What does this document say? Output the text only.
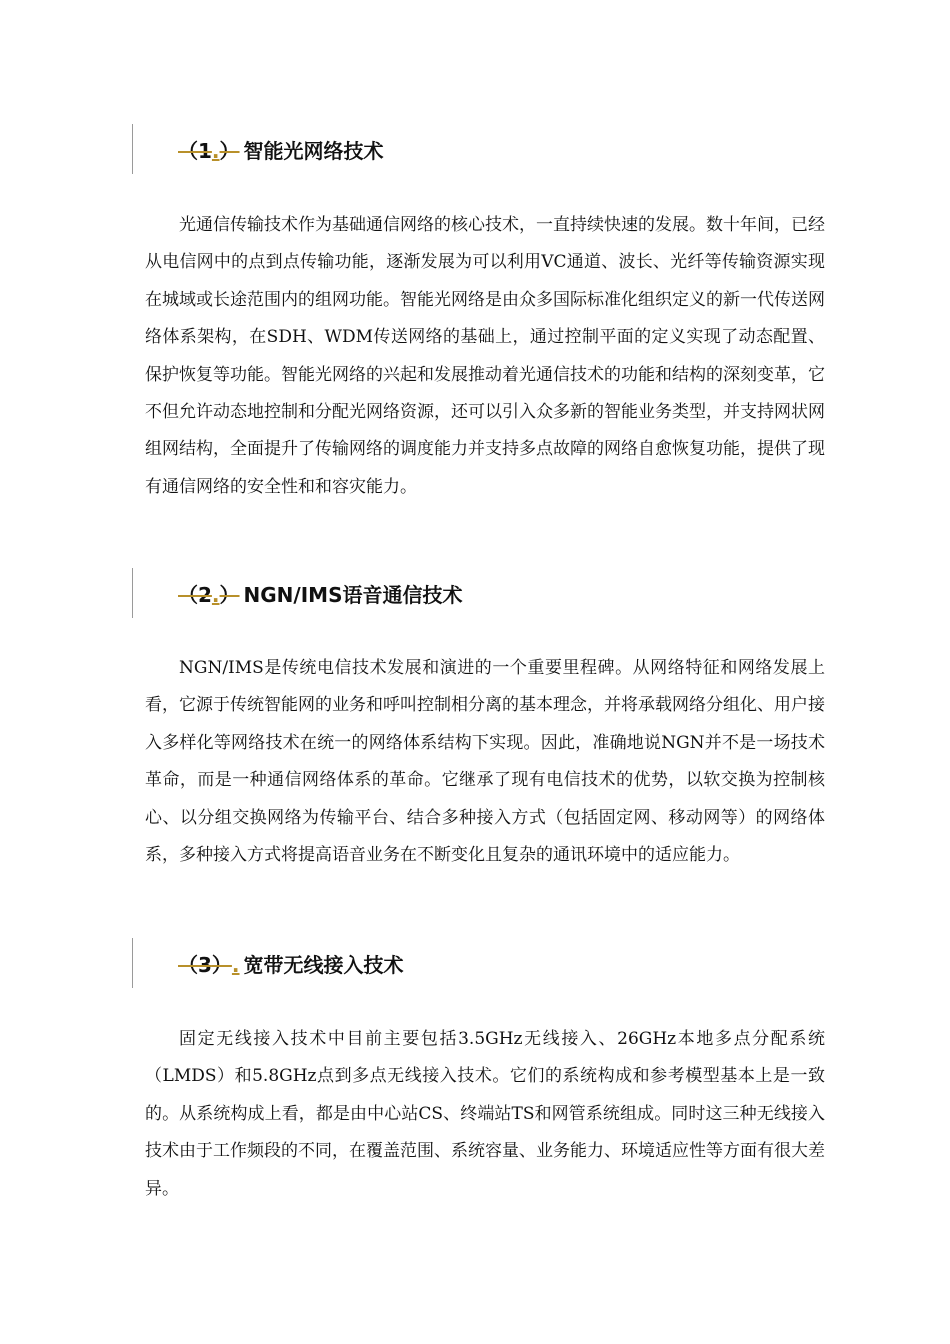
（1.） 智能光网络技术

光通信传输技术作为基础通信网络的核心技术，一直持续快速的发展。数十年间，已经从电信网中的点到点传输功能，逐渐发展为可以利用VC通道、波长、光纤等传输资源实现在城域或长途范围内的组网功能。智能光网络是由众多国际标准化组织定义的新一代传送网络体系架构，在SDH、WDM传送网络的基础上，通过控制平面的定义实现了动态配置、保护恢复等功能。智能光网络的兴起和发展推动着光通信技术的功能和结构的深刻变革，它不但允许动态地控制和分配光网络资源，还可以引入众多新的智能业务类型，并支持网状网组网结构，全面提升了传输网络的调度能力并支持多点故障的网络自愈恢复功能，提供了现有通信网络的安全性和和容灾能力。

（2.） NGN/IMS语音通信技术

NGN/IMS是传统电信技术发展和演进的一个重要里程碑。从网络特征和网络发展上看，它源于传统智能网的业务和呼叫控制相分离的基本理念，并将承载网络分组化、用户接入多样化等网络技术在统一的网络体系结构下实现。因此，准确地说NGN并不是一场技术革命，而是一种通信网络体系的革命。它继承了现有电信技术的优势，以软交换为控制核心、以分组交换网络为传输平台、结合多种接入方式（包括固定网、移动网等）的网络体系，多种接入方式将提高语音业务在不断变化且复杂的通讯环境中的适应能力。

（3）. 宽带无线接入技术

固定无线接入技术中目前主要包括3.5GHz无线接入、26GHz本地多点分配系统（LMDS）和5.8GHz点到多点无线接入技术。它们的系统构成和参考模型基本上是一致的。从系统构成上看，都是由中心站CS、终端站TS和网管系统组成。同时这三种无线接入技术由于工作频段的不同，在覆盖范围、系统容量、业务能力、环境适应性等方面有很大差异。
